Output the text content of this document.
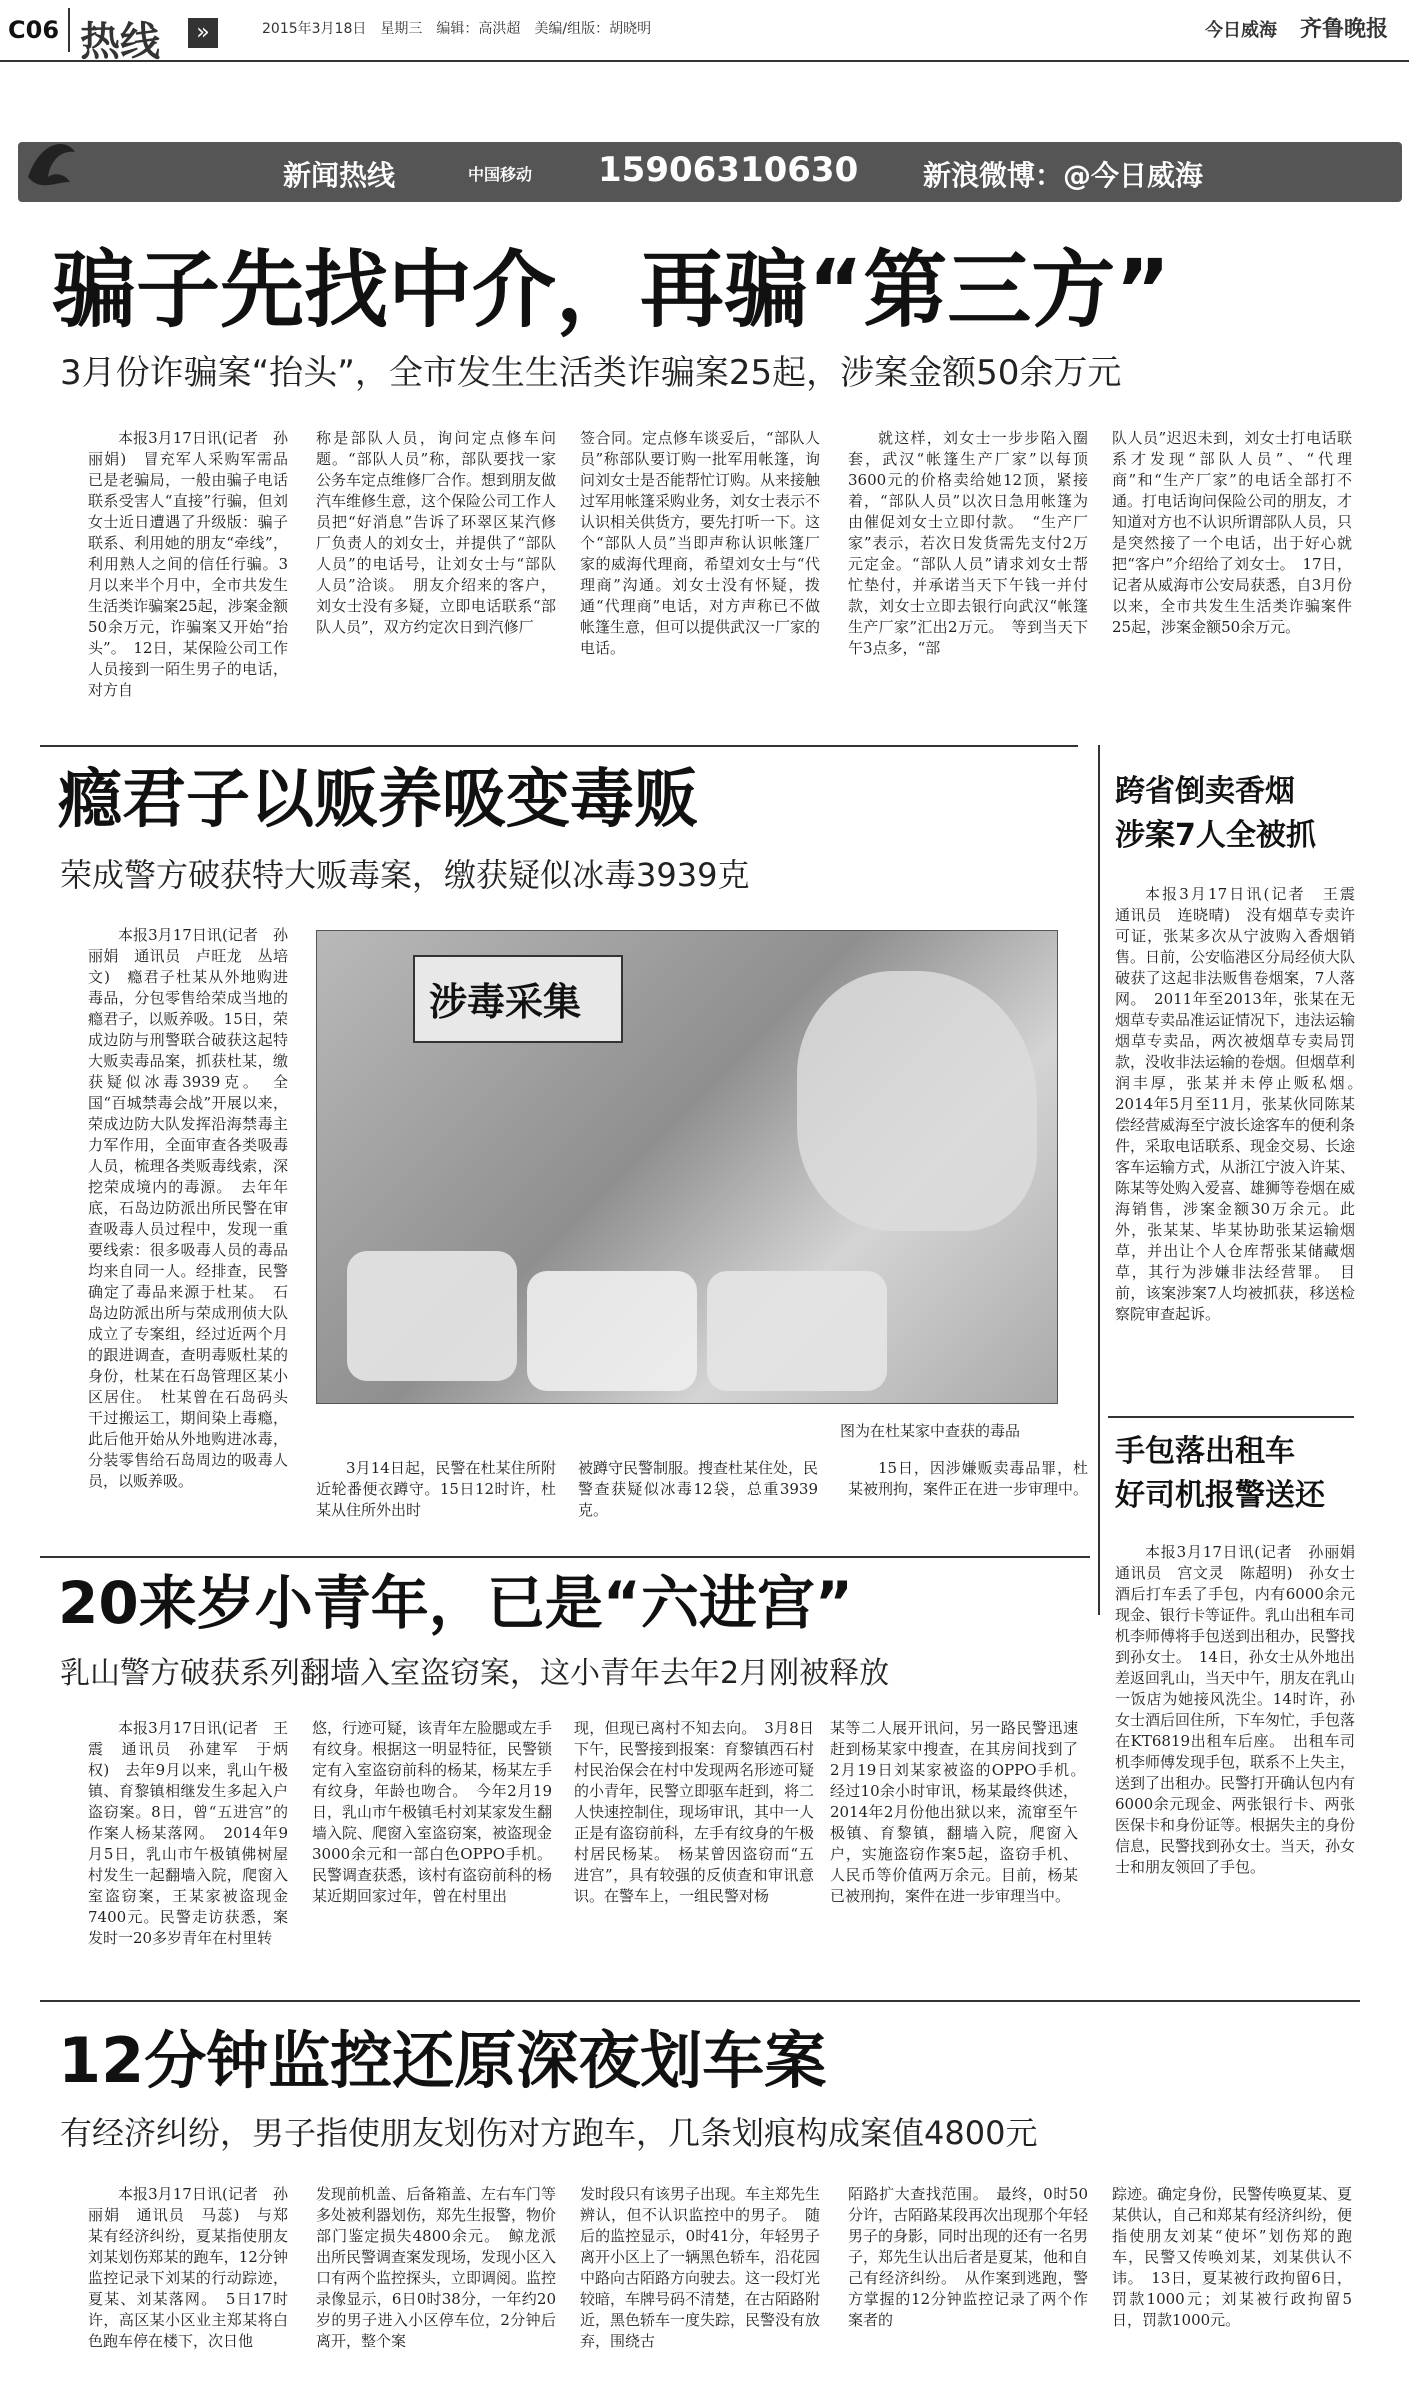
C06 热线	»	2015年3月18日　星期三　编辑：高洪超　美编/组版：胡晓明	今日威海 齐鲁晚报
新闻热线	中国移动 15906310630 新浪微博：@今日威海
骗子先找中介，再骗“第三方”
3月份诈骗案“抬头”，全市发生生活类诈骗案25起，涉案金额50余万元

本报3月17日讯(记者　孙丽娟)　冒充军人采购军需品已是老骗局，一般由骗子电话联系受害人“直接”行骗，但刘女士近日遭遇了升级版：骗子联系、利用她的朋友“牵线”，利用熟人之间的信任行骗。3月以来半个月中，全市共发生生活类诈骗案25起，涉案金额50余万元，诈骗案又开始“抬头”。　12日，某保险公司工作人员接到一陌生男子的电话，对方自

称是部队人员，询问定点修车问题。“部队人员”称，部队要找一家公务车定点维修厂合作。想到朋友做汽车维修生意，这个保险公司工作人员把“好消息”告诉了环翠区某汽修厂负责人的刘女士，并提供了“部队人员”的电话号，让刘女士与“部队人员”洽谈。　朋友介绍来的客户，刘女士没有多疑，立即电话联系“部队人员”，双方约定次日到汽修厂

签合同。定点修车谈妥后，“部队人员”称部队要订购一批军用帐篷，询问刘女士是否能帮忙订购。从来接触过军用帐篷采购业务，刘女士表示不认识相关供货方，要先打听一下。这个“部队人员”当即声称认识帐篷厂家的威海代理商，希望刘女士与“代理商”沟通。刘女士没有怀疑，拨通“代理商”电话，对方声称已不做帐篷生意，但可以提供武汉一厂家的电话。

就这样，刘女士一步步陷入圈套，武汉“帐篷生产厂家”以每顶3600元的价格卖给她12顶，紧接着，“部队人员”以次日急用帐篷为由催促刘女士立即付款。　“生产厂家”表示，若次日发货需先支付2万元定金。“部队人员”请求刘女士帮忙垫付，并承诺当天下午钱一并付款，刘女士立即去银行向武汉“帐篷生产厂家”汇出2万元。　等到当天下午3点多，“部

队人员”迟迟未到，刘女士打电话联系才发现“部队人员”、“代理商”和“生产厂家”的电话全部打不通。打电话询问保险公司的朋友，才知道对方也不认识所谓部队人员，只是突然接了一个电话，出于好心就把“客户”介绍给了刘女士。　17日，记者从威海市公安局获悉，自3月份以来，全市共发生生活类诈骗案件25起，涉案金额50余万元。

瘾君子以贩养吸变毒贩
荣成警方破获特大贩毒案，缴获疑似冰毒3939克

本报3月17日讯(记者　孙丽娟　通讯员　卢旺龙　丛培文)　瘾君子杜某从外地购进毒品，分包零售给荣成当地的瘾君子，以贩养吸。15日，荣成边防与刑警联合破获这起特大贩卖毒品案，抓获杜某，缴获疑似冰毒3939克。　全国“百城禁毒会战”开展以来，荣成边防大队发挥沿海禁毒主力军作用，全面审查各类吸毒人员，梳理各类贩毒线索，深挖荣成境内的毒源。　去年年底，石岛边防派出所民警在审查吸毒人员过程中，发现一重要线索：很多吸毒人员的毒品均来自同一人。经排查，民警确定了毒品来源于杜某。　石岛边防派出所与荣成刑侦大队成立了专案组，经过近两个月的跟进调查，查明毒贩杜某的身份，杜某在石岛管理区某小区居住。　杜某曾在石岛码头干过搬运工，期间染上毒瘾，此后他开始从外地购进冰毒，分装零售给石岛周边的吸毒人员，以贩养吸。

涉毒采集
图为在杜某家中查获的毒品

3月14日起，民警在杜某住所附近轮番便衣蹲守。15日12时许，杜某从住所外出时

被蹲守民警制服。搜查杜某住处，民警查获疑似冰毒12袋，总重3939克。

15日，因涉嫌贩卖毒品罪，杜某被刑拘，案件正在进一步审理中。

跨省倒卖香烟
涉案7人全被抓

本报3月17日讯(记者　王震　通讯员　连晓晴)　没有烟草专卖许可证，张某多次从宁波购入香烟销售。日前，公安临港区分局经侦大队破获了这起非法贩售卷烟案，7人落网。　2011年至2013年，张某在无烟草专卖品准运证情况下，违法运输烟草专卖品，两次被烟草专卖局罚款，没收非法运输的卷烟。但烟草利润丰厚，张某并未停止贩私烟。　2014年5月至11月，张某伙同陈某偿经营威海至宁波长途客车的便利条件，采取电话联系、现金交易、长途客车运输方式，从浙江宁波入许某、陈某等处购入爱喜、雄狮等卷烟在威海销售，涉案金额30万余元。此外，张某某、毕某协助张某运输烟草，并出让个人仓库帮张某储藏烟草，其行为涉嫌非法经营罪。　目前，该案涉案7人均被抓获，移送检察院审查起诉。

手包落出租车
好司机报警送还

本报3月17日讯(记者　孙丽娟　通讯员　宫文灵　陈超明)　孙女士酒后打车丢了手包，内有6000余元现金、银行卡等证件。乳山出租车司机李师傅将手包送到出租办，民警找到孙女士。　14日，孙女士从外地出差返回乳山，当天中午，朋友在乳山一饭店为她接风洗尘。14时许，孙女士酒后回住所，下车匆忙，手包落在KT6819出租车后座。　出租车司机李师傅发现手包，联系不上失主，送到了出租办。民警打开确认包内有6000余元现金、两张银行卡、两张医保卡和身份证等。根据失主的身份信息，民警找到孙女士。当天，孙女士和朋友领回了手包。

20来岁小青年，已是“六进宫”
乳山警方破获系列翻墙入室盗窃案，这小青年去年2月刚被释放

本报3月17日讯(记者　王震　通讯员　孙建军　于炳权)　去年9月以来，乳山午极镇、育黎镇相继发生多起入户盗窃案。8日，曾“五进宫”的作案人杨某落网。　2014年9月5日，乳山市午极镇佛树屋村发生一起翻墙入院，爬窗入室盗窃案，王某家被盗现金7400元。民警走访获悉，案发时一20多岁青年在村里转

悠，行迹可疑，该青年左脸腮或左手有纹身。根据这一明显特征，民警锁定有入室盗窃前科的杨某，杨某左手有纹身，年龄也吻合。　今年2月19日，乳山市午极镇毛村刘某家发生翻墙入院、爬窗入室盗窃案，被盗现金3000余元和一部白色OPPO手机。民警调查获悉，该村有盗窃前科的杨某近期回家过年，曾在村里出

现，但现已离村不知去向。　3月8日下午，民警接到报案：育黎镇西石村村民治保会在村中发现两名形迹可疑的小青年，民警立即驱车赶到，将二人快速控制住，现场审讯，其中一人正是有盗窃前科，左手有纹身的午极村居民杨某。　杨某曾因盗窃而“五进宫”，具有较强的反侦查和审讯意识。在警车上，一组民警对杨

某等二人展开讯问，另一路民警迅速赶到杨某家中搜查，在其房间找到了2月19日刘某家被盗的OPPO手机。　经过10余小时审讯，杨某最终供述，2014年2月份他出狱以来，流窜至午极镇、育黎镇，翻墙入院，爬窗入户，实施盗窃作案5起，盗窃手机、人民币等价值两万余元。目前，杨某已被刑拘，案件在进一步审理当中。

12分钟监控还原深夜划车案
有经济纠纷，男子指使朋友划伤对方跑车，几条划痕构成案值4800元

本报3月17日讯(记者　孙丽娟　通讯员　马蕊)　与郑某有经济纠纷，夏某指使朋友刘某划伤郑某的跑车，12分钟监控记录下刘某的行动踪迹，夏某、刘某落网。　5日17时许，高区某小区业主郑某将白色跑车停在楼下，次日他

发现前机盖、后备箱盖、左右车门等多处被利器划伤，郑先生报警，物价部门鉴定损失4800余元。　鲸龙派出所民警调查案发现场，发现小区入口有两个监控探头，立即调阅。监控录像显示，6日0时38分，一年约20岁的男子进入小区停车位，2分钟后离开，整个案

发时段只有该男子出现。车主郑先生辨认，但不认识监控中的男子。　随后的监控显示，0时41分，年轻男子离开小区上了一辆黑色轿车，沿花园中路向古陌路方向驶去。这一段灯光较暗，车牌号码不清楚，在古陌路附近，黑色轿车一度失踪，民警没有放弃，围绕古

陌路扩大查找范围。　最终，0时50分许，古陌路某段再次出现那个年轻男子的身影，同时出现的还有一名男子，郑先生认出后者是夏某，他和自己有经济纠纷。　从作案到逃跑，警方掌握的12分钟监控记录了两个作案者的

踪迹。确定身份，民警传唤夏某、夏某供认，自己和郑某有经济纠纷，便指使朋友刘某“使坏”划伤郑的跑车，民警又传唤刘某，刘某供认不讳。　13日，夏某被行政拘留6日，罚款1000元；刘某被行政拘留5日，罚款1000元。
